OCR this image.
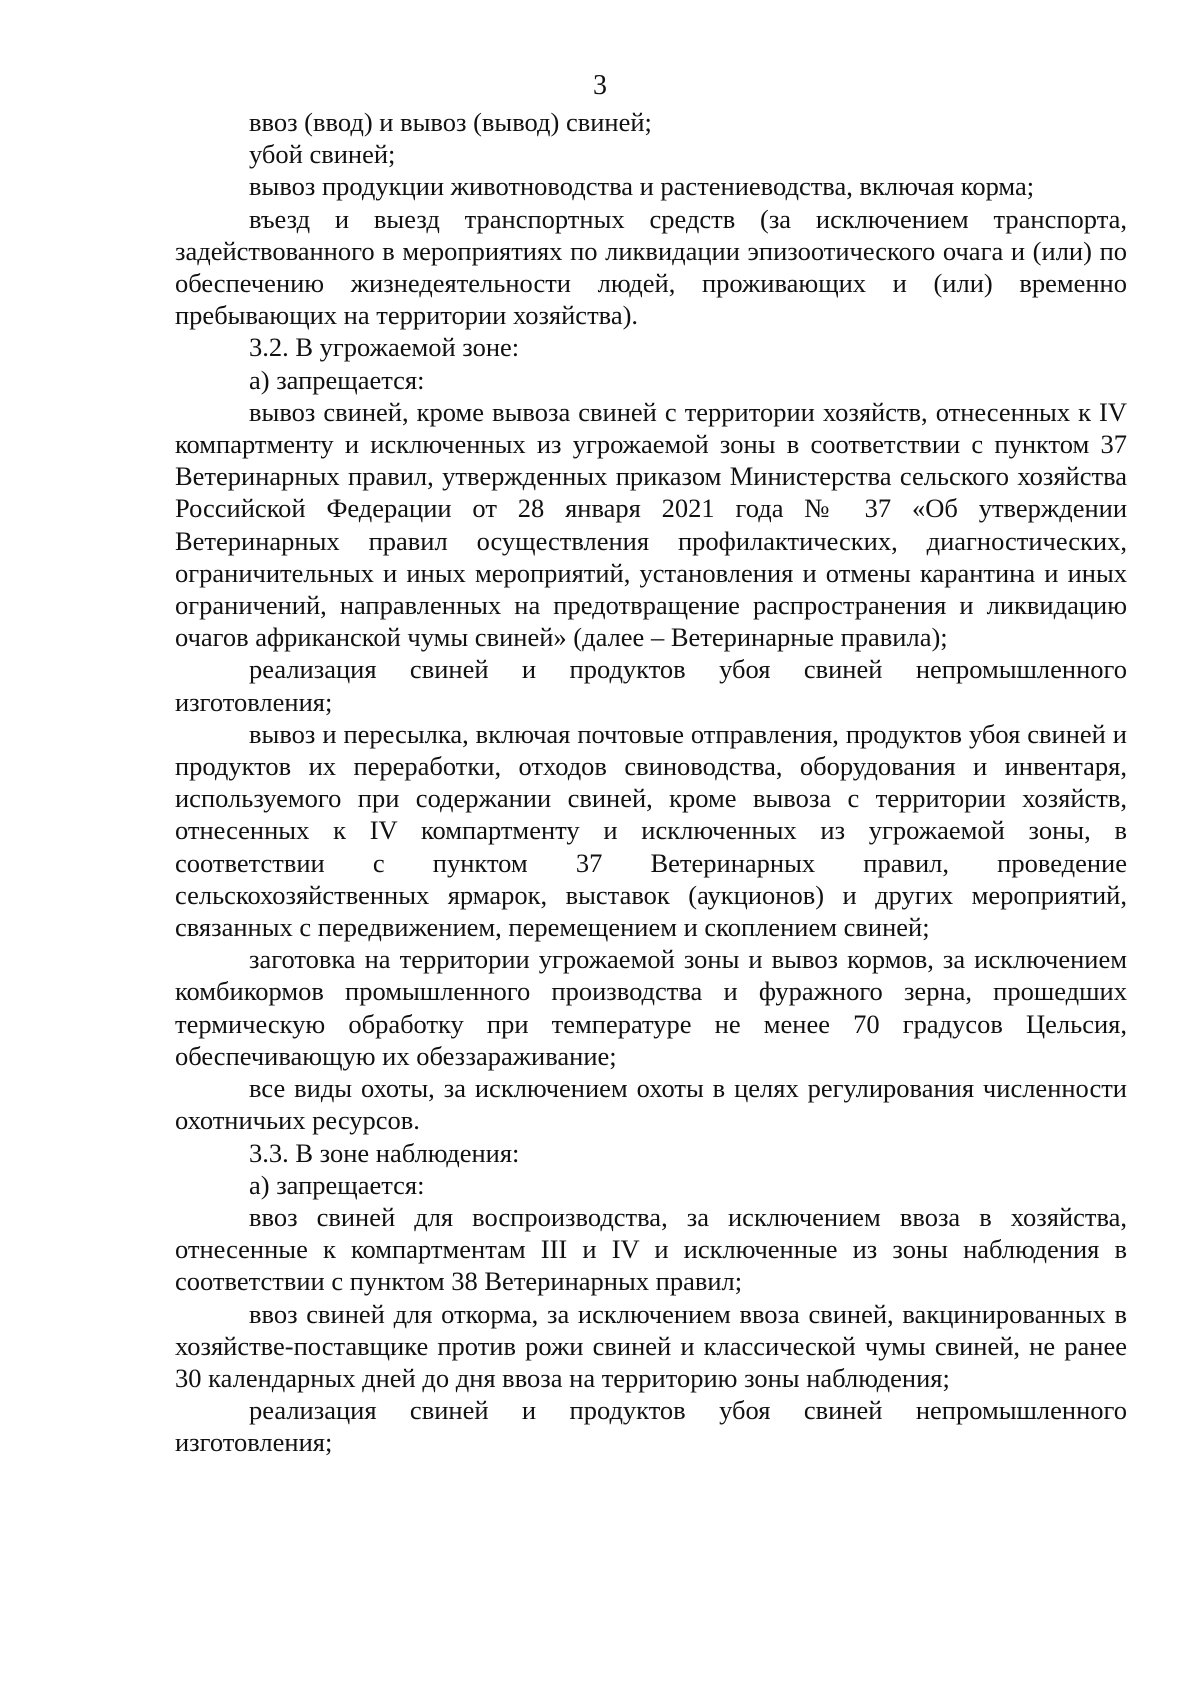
3

ввоз (ввод) и вывоз (вывод) свиней;

убой свиней;

вывоз продукции животноводства и растениеводства, включая корма;

въезд и выезд транспортных средств (за исключением транспорта, задействованного в мероприятиях по ликвидации эпизоотического очага и (или) по обеспечению жизнедеятельности людей, проживающих и (или) временно пребывающих на территории хозяйства).

3.2. В угрожаемой зоне:

а) запрещается:

вывоз свиней, кроме вывоза свиней с территории хозяйств, отнесенных к IV компартменту и исключенных из угрожаемой зоны в соответствии с пунктом 37 Ветеринарных правил, утвержденных приказом Министерства сельского хозяйства Российской Федерации от 28 января 2021 года № 37 «Об утверждении Ветеринарных правил осуществления профилактических, диагностических, ограничительных и иных мероприятий, установления и отмены карантина и иных ограничений, направленных на предотвращение распространения и ликвидацию очагов африканской чумы свиней» (далее – Ветеринарные правила);

реализация свиней и продуктов убоя свиней непромышленного изготовления;

вывоз и пересылка, включая почтовые отправления, продуктов убоя свиней и продуктов их переработки, отходов свиноводства, оборудования и инвентаря, используемого при содержании свиней, кроме вывоза с территории хозяйств, отнесенных к IV компартменту и исключенных из угрожаемой зоны, в соответствии с пунктом 37 Ветеринарных правил, проведение сельскохозяйственных ярмарок, выставок (аукционов) и других мероприятий, связанных с передвижением, перемещением и скоплением свиней;

заготовка на территории угрожаемой зоны и вывоз кормов, за исключением комбикормов промышленного производства и фуражного зерна, прошедших термическую обработку при температуре не менее 70 градусов Цельсия, обеспечивающую их обеззараживание;

все виды охоты, за исключением охоты в целях регулирования численности охотничьих ресурсов.

3.3. В зоне наблюдения:

а) запрещается:

ввоз свиней для воспроизводства, за исключением ввоза в хозяйства, отнесенные к компартментам III и IV и исключенные из зоны наблюдения в соответствии с пунктом 38 Ветеринарных правил;

ввоз свиней для откорма, за исключением ввоза свиней, вакцинированных в хозяйстве-поставщике против рожи свиней и классической чумы свиней, не ранее 30 календарных дней до дня ввоза на территорию зоны наблюдения;

реализация свиней и продуктов убоя свиней непромышленного изготовления;
